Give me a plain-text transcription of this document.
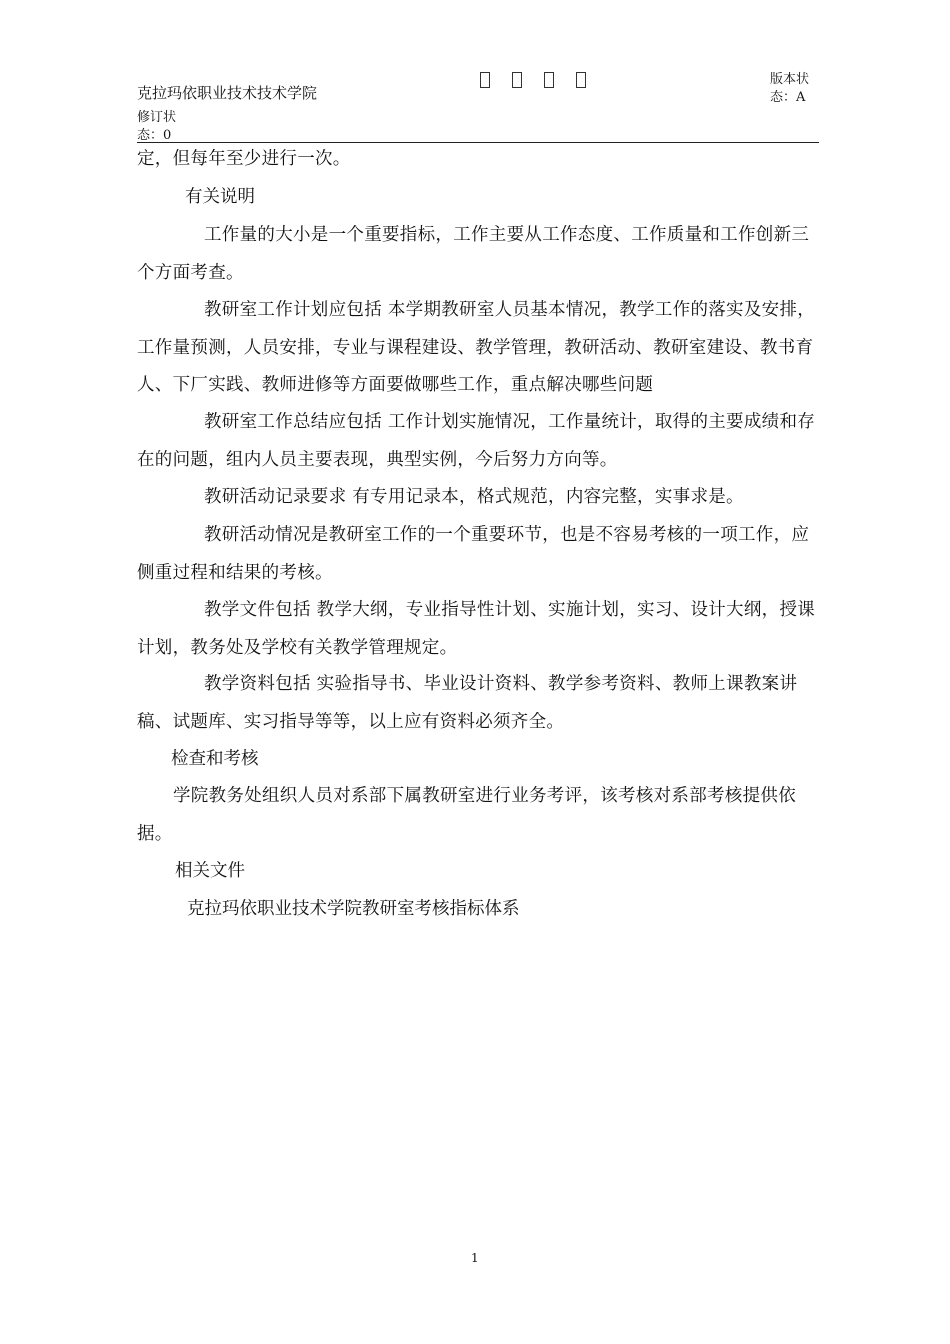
克拉玛依职业技术技术学院
版本状态：A
修订状态：0
定，但每年至少进行一次。
有关说明
工作量的大小是一个重要指标，工作主要从工作态度、工作质量和工作创新三个方面考查。
教研室工作计划应包括 本学期教研室人员基本情况，教学工作的落实及安排，工作量预测，人员安排，专业与课程建设、教学管理，教研活动、教研室建设、教书育人、下厂实践、教师进修等方面要做哪些工作，重点解决哪些问题
教研室工作总结应包括 工作计划实施情况，工作量统计，取得的主要成绩和存在的问题，组内人员主要表现，典型实例，今后努力方向等。
教研活动记录要求 有专用记录本，格式规范，内容完整，实事求是。
教研活动情况是教研室工作的一个重要环节，也是不容易考核的一项工作，应侧重过程和结果的考核。
教学文件包括 教学大纲，专业指导性计划、实施计划，实习、设计大纲，授课计划，教务处及学校有关教学管理规定。
教学资料包括 实验指导书、毕业设计资料、教学参考资料、教师上课教案讲稿、试题库、实习指导等等，以上应有资料必须齐全。
检查和考核
学院教务处组织人员对系部下属教研室进行业务考评，该考核对系部考核提供依据。
相关文件
克拉玛依职业技术学院教研室考核指标体系
1
